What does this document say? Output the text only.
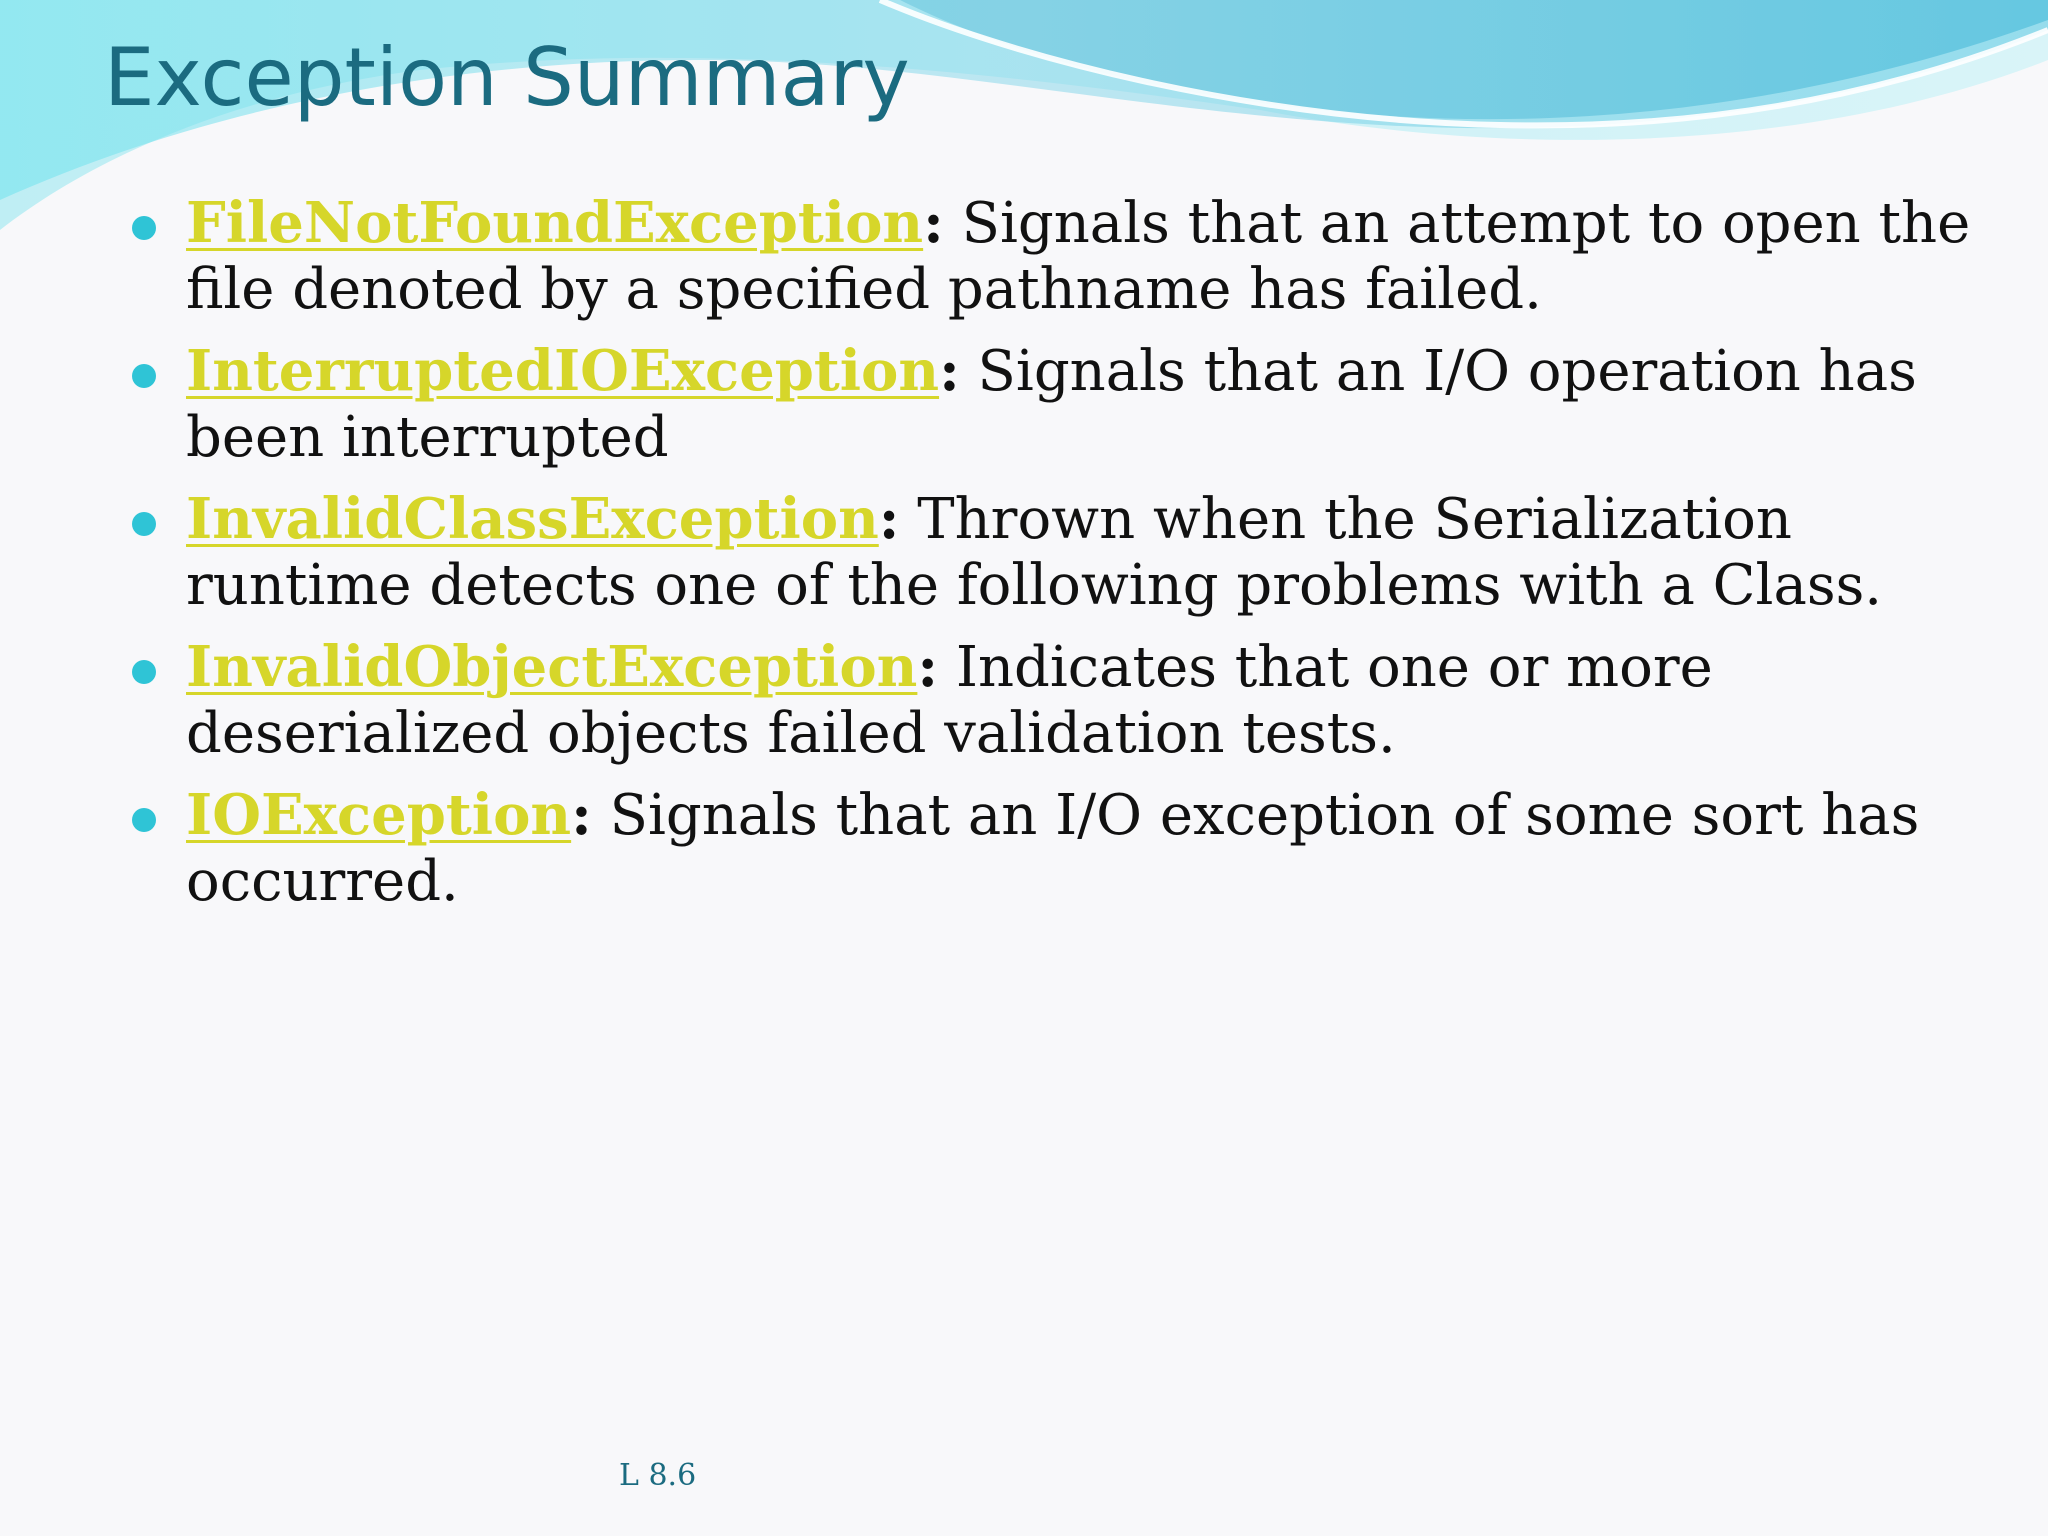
Exception Summary
FileNotFoundException: Signals that an attempt to open the file denoted by a specified pathname has failed.
InterruptedIOException: Signals that an I/O operation has been interrupted
InvalidClassException: Thrown when the Serialization runtime detects one of the following problems with a Class.
InvalidObjectException: Indicates that one or more deserialized objects failed validation tests.
IOException: Signals that an I/O exception of some sort has occurred.
L 8.6
